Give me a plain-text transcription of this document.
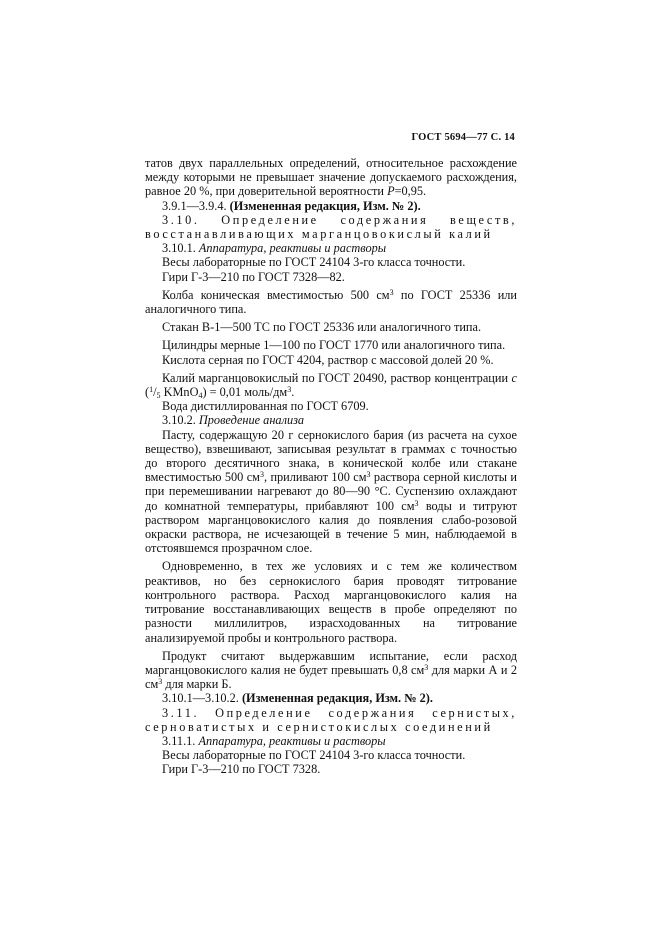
ГОСТ 5694—77 С. 14

татов двух параллельных определений, относительное расхождение между которыми не превышает значение допускаемого расхождения, равное 20 %, при доверительной вероятности P=0,95.

3.9.1—3.9.4. (Измененная редакция, Изм. № 2).

3.10. Определение содержания веществ, восстанавливающих марганцовокислый калий

3.10.1. Аппаратура, реактивы и растворы

Весы лабораторные по ГОСТ 24104 3-го класса точности.

Гири Г-3—210 по ГОСТ 7328—82.

Колба коническая вместимостью 500 $см^3$ по ГОСТ 25336 или аналогичного типа.

Стакан В-1—500 ТС по ГОСТ 25336 или аналогичного типа.

Цилиндры мерные 1—100 по ГОСТ 1770 или аналогичного типа.

Кислота серная по ГОСТ 4204, раствор с массовой долей 20 %.

Калий марганцовокислый по ГОСТ 20490, раствор концентрации c ($^1/_5$ KMnO$_4$) = 0,01 моль/$дм^3$.

Вода дистиллированная по ГОСТ 6709.

3.10.2. Проведение анализа

Пасту, содержащую 20 г сернокислого бария (из расчета на сухое вещество), взвешивают, записывая результат в граммах с точностью до второго десятичного знака, в конической колбе или стакане вместимостью 500 $см^3$, приливают 100 $см^3$ раствора серной кислоты и при перемешивании нагревают до 80—90 °С. Суспензию охлаждают до комнатной температуры, прибавляют 100 $см^3$ воды и титруют раствором марганцовокислого калия до появления слабо-розовой окраски раствора, не исчезающей в течение 5 мин, наблюдаемой в отстоявшемся прозрачном слое.

Одновременно, в тех же условиях и с тем же количеством реактивов, но без сернокислого бария проводят титрование контрольного раствора. Расход марганцовокислого калия на титрование восстанавливающих веществ в пробе определяют по разности миллилитров, израсходованных на титрование анализируемой пробы и контрольного раствора.

Продукт считают выдержавшим испытание, если расход марганцовокислого калия не будет превышать 0,8 $см^3$ для марки А и 2 $см^3$ для марки Б.

3.10.1—3.10.2. (Измененная редакция, Изм. № 2).

3.11. Определение содержания сернистых, серноватистых и сернистокислых соединений

3.11.1. Аппаратура, реактивы и растворы

Весы лабораторные по ГОСТ 24104 3-го класса точности.

Гири Г-3—210 по ГОСТ 7328.
